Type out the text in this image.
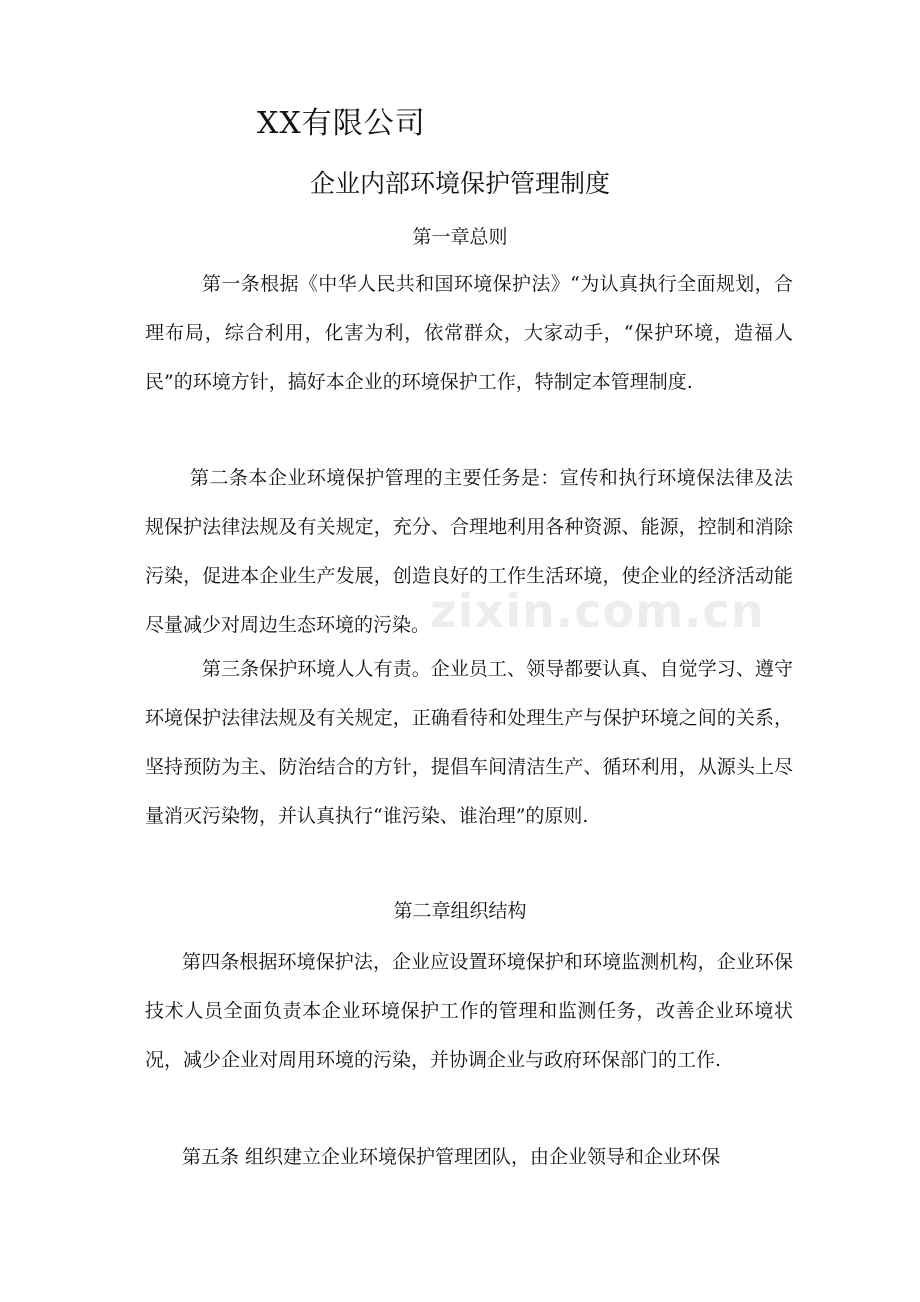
XX有限公司
企业内部环境保护管理制度
第一章总则

第一条根据《中华人民共和国环境保护法》“为认真执行全面规划，合理布局，综合利用，化害为利，依常群众，大家动手，“保护环境，造福人民”的环境方针，搞好本企业的环境保护工作，特制定本管理制度.

第二条本企业环境保护管理的主要任务是：宣传和执行环境保法律及法规保护法律法规及有关规定，充分、合理地利用各种资源、能源，控制和消除污染，促进本企业生产发展，创造良好的工作生活环境，使企业的经济活动能尽量减少对周边生态环境的污染。

第三条保护环境人人有责。企业员工、领导都要认真、自觉学习、遵守环境保护法律法规及有关规定，正确看待和处理生产与保护环境之间的关系，坚持预防为主、防治结合的方针，提倡车间清洁生产、循环利用，从源头上尽量消灭污染物，并认真执行“谁污染、谁治理”的原则.

第二章组织结构

第四条根据环境保护法，企业应设置环境保护和环境监测机构，企业环保技术人员全面负责本企业环境保护工作的管理和监测任务，改善企业环境状况，减少企业对周用环境的污染，并协调企业与政府环保部门的工作.

第五条 组织建立企业环境保护管理团队，由企业领导和企业环保

zixin.com.cn
